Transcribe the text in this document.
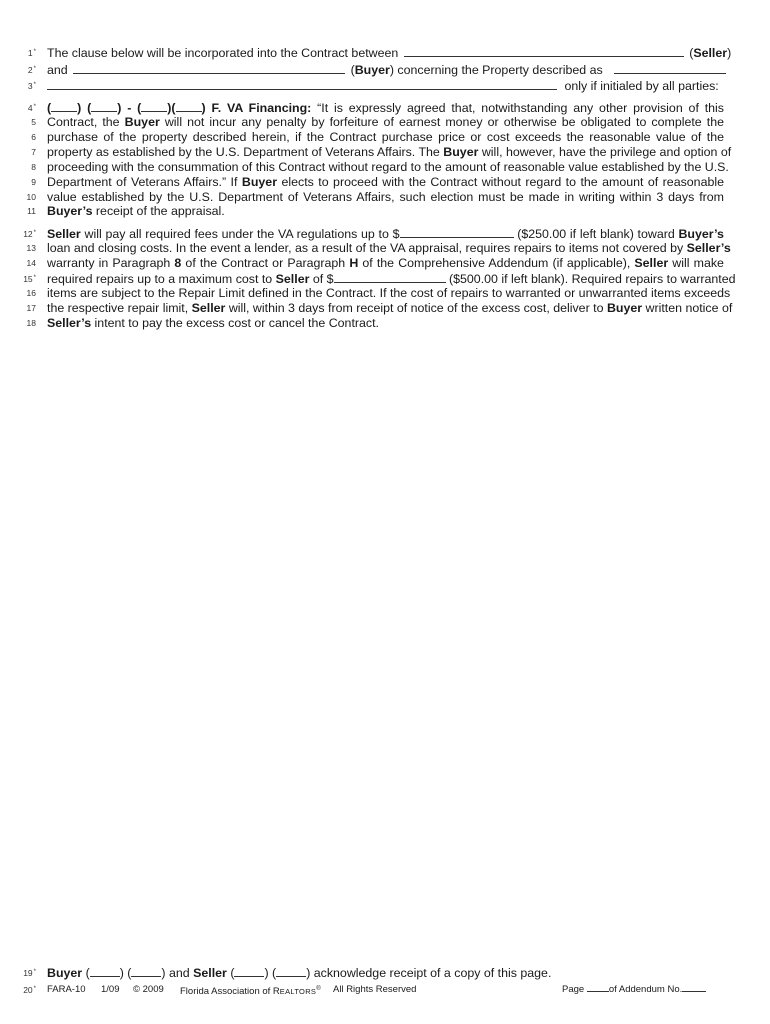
1* The clause below will be incorporated into the Contract between	(Seller)
2* and	(Buyer) concerning the Property described as
3*	only if initialed by all parties:
4* ( ) ( ) - ( )( ) F. VA Financing: “It is expressly agreed that, notwithstanding any other provision of this
5 Contract, the Buyer will not incur any penalty by forfeiture of earnest money or otherwise be obligated to complete the
6 purchase of the property described herein, if the Contract purchase price or cost exceeds the reasonable value of the
7 property as established by the U.S. Department of Veterans Affairs. The Buyer will, however, have the privilege and option of
8 proceeding with the consummation of this Contract without regard to the amount of reasonable value established by the U.S.
9 Department of Veterans Affairs.” If Buyer elects to proceed with the Contract without regard to the amount of reasonable
10 value established by the U.S. Department of Veterans Affairs, such election must be made in writing within 3 days from
11 Buyer’s receipt of the appraisal.
12* Seller will pay all required fees under the VA regulations up to $	($250.00 if left blank) toward Buyer’s
13 loan and closing costs. In the event a lender, as a result of the VA appraisal, requires repairs to items not covered by Seller’s
14 warranty in Paragraph 8 of the Contract or Paragraph H of the Comprehensive Addendum (if applicable), Seller will make
15* required repairs up to a maximum cost to Seller of $	($500.00 if left blank). Required repairs to warranted
16 items are subject to the Repair Limit defined in the Contract. If the cost of repairs to warranted or unwarranted items exceeds
17 the respective repair limit, Seller will, within 3 days from receipt of notice of the excess cost, deliver to Buyer written notice of
18 Seller’s intent to pay the excess cost or cancel the Contract.
19* Buyer ( ) ( ) and Seller ( ) ( ) acknowledge receipt of a copy of this page.
20* FARA-10 1/09 © 2009 Florida Association of REALTORS® All Rights Reserved	Page	of Addendum No.
